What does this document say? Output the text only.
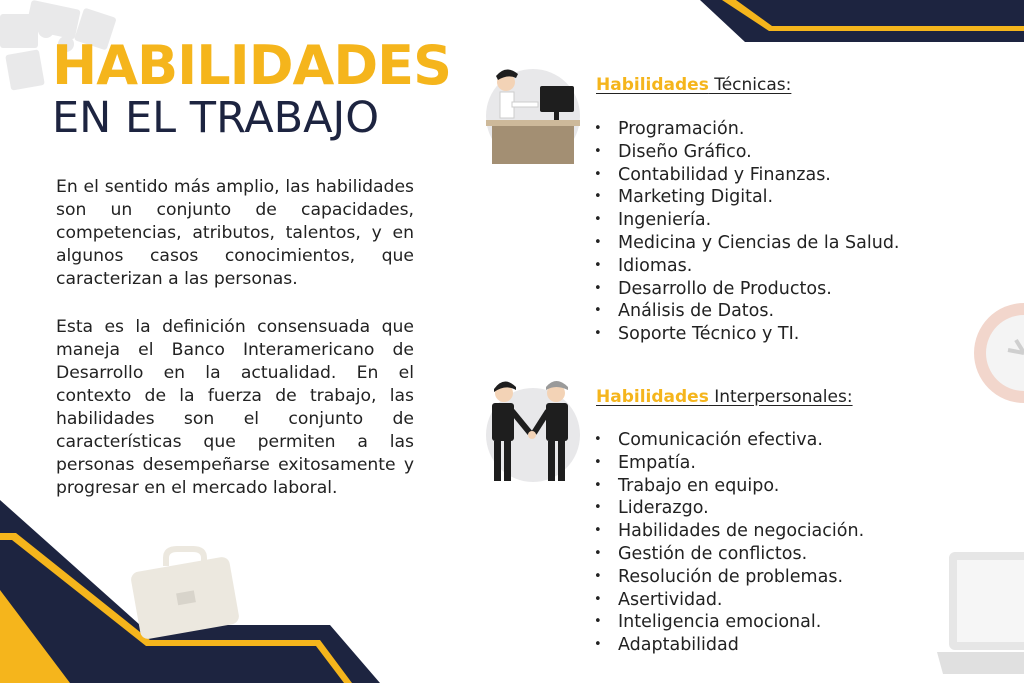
HABILIDADES
EN EL TRABAJO
En el sentido más amplio, las habilidades son un conjunto de capacidades, competencias, atributos, talentos, y en algunos casos conocimientos, que caracterizan a las personas.
Esta es la definición consensuada que maneja el Banco Interamericano de Desarrollo en la actualidad. En el contexto de la fuerza de trabajo, las habilidades son el conjunto de características que permiten a las personas desempeñarse exitosamente y progresar en el mercado laboral.
Habilidades Técnicas:
• Programación.
• Diseño Gráfico.
• Contabilidad y Finanzas.
• Marketing Digital.
• Ingeniería.
• Medicina y Ciencias de la Salud.
• Idiomas.
• Desarrollo de Productos.
• Análisis de Datos.
• Soporte Técnico y TI.
Habilidades Interpersonales:
• Comunicación efectiva.
• Empatía.
• Trabajo en equipo.
• Liderazgo.
• Habilidades de negociación.
• Gestión de conflictos.
• Resolución de problemas.
• Asertividad.
• Inteligencia emocional.
• Adaptabilidad
